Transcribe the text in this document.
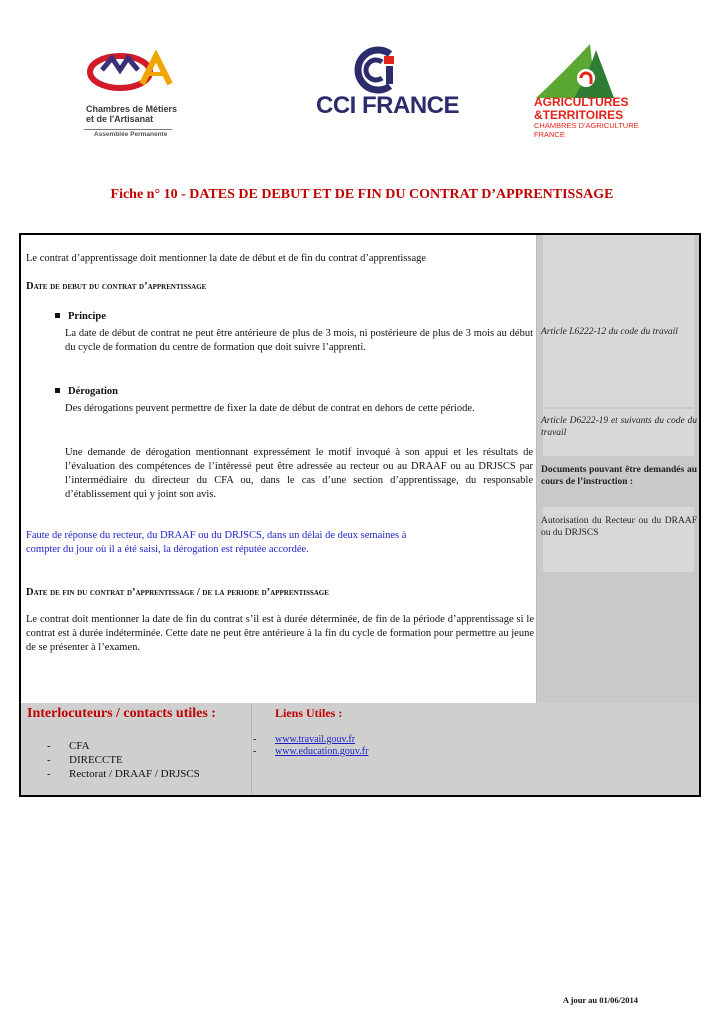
Chambres de Métiers
et de l'Artisanat
Assemblée Permanente
CCI FRANCE	AGRICULTURES
&TERRITOIRES
CHAMBRES D'AGRICULTURE
FRANCE
Fiche n° 10 - DATES DE DEBUT ET DE FIN DU CONTRAT D’APPRENTISSAGE
Le contrat d’apprentissage doit mentionner la date de début et de fin du contrat d’apprentissage
Date de debut du contrat d’apprentissage
Principe
La date de début de contrat ne peut être antérieure de plus de 3 mois, ni postérieure de plus de 3 mois au début du cycle de formation du centre de formation que doit suivre l’apprenti.
Dérogation
Des dérogations peuvent permettre de fixer la date de début de contrat en dehors de cette période.
Une demande de dérogation mentionnant expressément le motif invoqué à son appui et les résultats de l’évaluation des compétences de l’intéressé peut être adressée au recteur ou au DRAAF ou au DRJSCS par l’intermédiaire du directeur du CFA ou, dans le cas d’une section d’apprentissage, du responsable d’établissement qui y joint son avis.
Faute de réponse du recteur, du DRAAF ou du DRJSCS, dans un délai de deux semaines à
compter du jour où il a été saisi, la dérogation est réputée accordée.
Date de fin du contrat d’apprentissage / de la periode d’apprentissage
Le contrat doit mentionner la date de fin du contrat s’il est à durée déterminée, de fin de la période d’apprentissage si le contrat est à durée indéterminée. Cette date ne peut être antérieure à la fin du cycle de formation pour permettre au jeune de se présenter à l’examen.
Article L6222-12 du code du travail
Article D6222-19 et suivants du code du travail
Documents pouvant être demandés au cours de l’instruction :
Autorisation du Recteur ou du DRAAF ou du DRJSCS
Interlocuteurs / contacts utiles :
- CFA
- DIRECCTE
- Rectorat / DRAAF / DRJSCS
Liens Utiles :
- www.travail.gouv.fr
- www.education.gouv.fr
A jour au 01/06/2014
